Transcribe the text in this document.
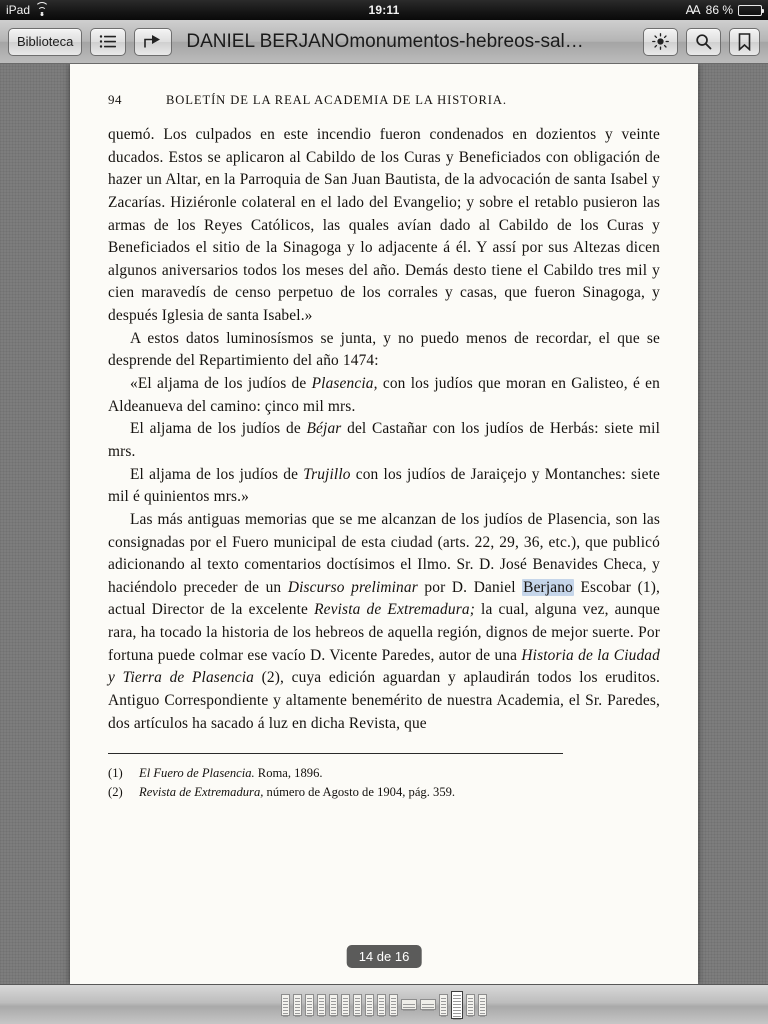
iPad	19:11	Ꜳ 86 %
Biblioteca	DANIEL BERJANOmonumentos-hebreos-sal…
94	BOLETÍN DE LA REAL ACADEMIA DE LA HISTORIA.

quemó. Los culpados en este incendio fueron condenados en dozientos y veinte ducados. Estos se aplicaron al Cabildo de los Curas y Beneficiados con obligación de hazer un Altar, en la Parroquia de San Juan Bautista, de la advocación de santa Isabel y Zacarías. Hiziéronle colateral en el lado del Evangelio; y sobre el retablo pusieron las armas de los Reyes Católicos, las quales avían dado al Cabildo de los Curas y Beneficiados el sitio de la Sinagoga y lo adjacente á él. Y assí por sus Altezas dicen algunos aniversarios todos los meses del año. Demás desto tiene el Cabildo tres mil y cien maravedís de censo perpetuo de los corrales y casas, que fueron Sinagoga, y después Iglesia de santa Isabel.»

A estos datos luminosísmos se junta, y no puedo menos de recordar, el que se desprende del Repartimiento del año 1474:

«El aljama de los judíos de Plasencia, con los judíos que moran en Galisteo, é en Aldeanueva del camino: çinco mil mrs.

El aljama de los judíos de Béjar del Castañar con los judíos de Herbás: siete mil mrs.

El aljama de los judíos de Trujillo con los judíos de Jaraiçejo y Montanches: siete mil é quinientos mrs.»

Las más antiguas memorias que se me alcanzan de los judíos de Plasencia, son las consignadas por el Fuero municipal de esta ciudad (arts. 22, 29, 36, etc.), que publicó adicionando al texto comentarios doctísimos el Ilmo. Sr. D. José Benavides Checa, y haciéndolo preceder de un Discurso preliminar por D. Daniel Berjano Escobar (1), actual Director de la excelente Revista de Extremadura; la cual, alguna vez, aunque rara, ha tocado la historia de los hebreos de aquella región, dignos de mejor suerte. Por fortuna puede colmar ese vacío D. Vicente Paredes, autor de una Historia de la Ciudad y Tierra de Plasencia (2), cuya edición aguardan y aplaudirán todos los eruditos. Antiguo Correspondiente y altamente benemérito de nuestra Academia, el Sr. Paredes, dos artículos ha sacado á luz en dicha Revista, que

(1)	El Fuero de Plasencia. Roma, 1896.
(2)	Revista de Extremadura, número de Agosto de 1904, pág. 359.
14 de 16
